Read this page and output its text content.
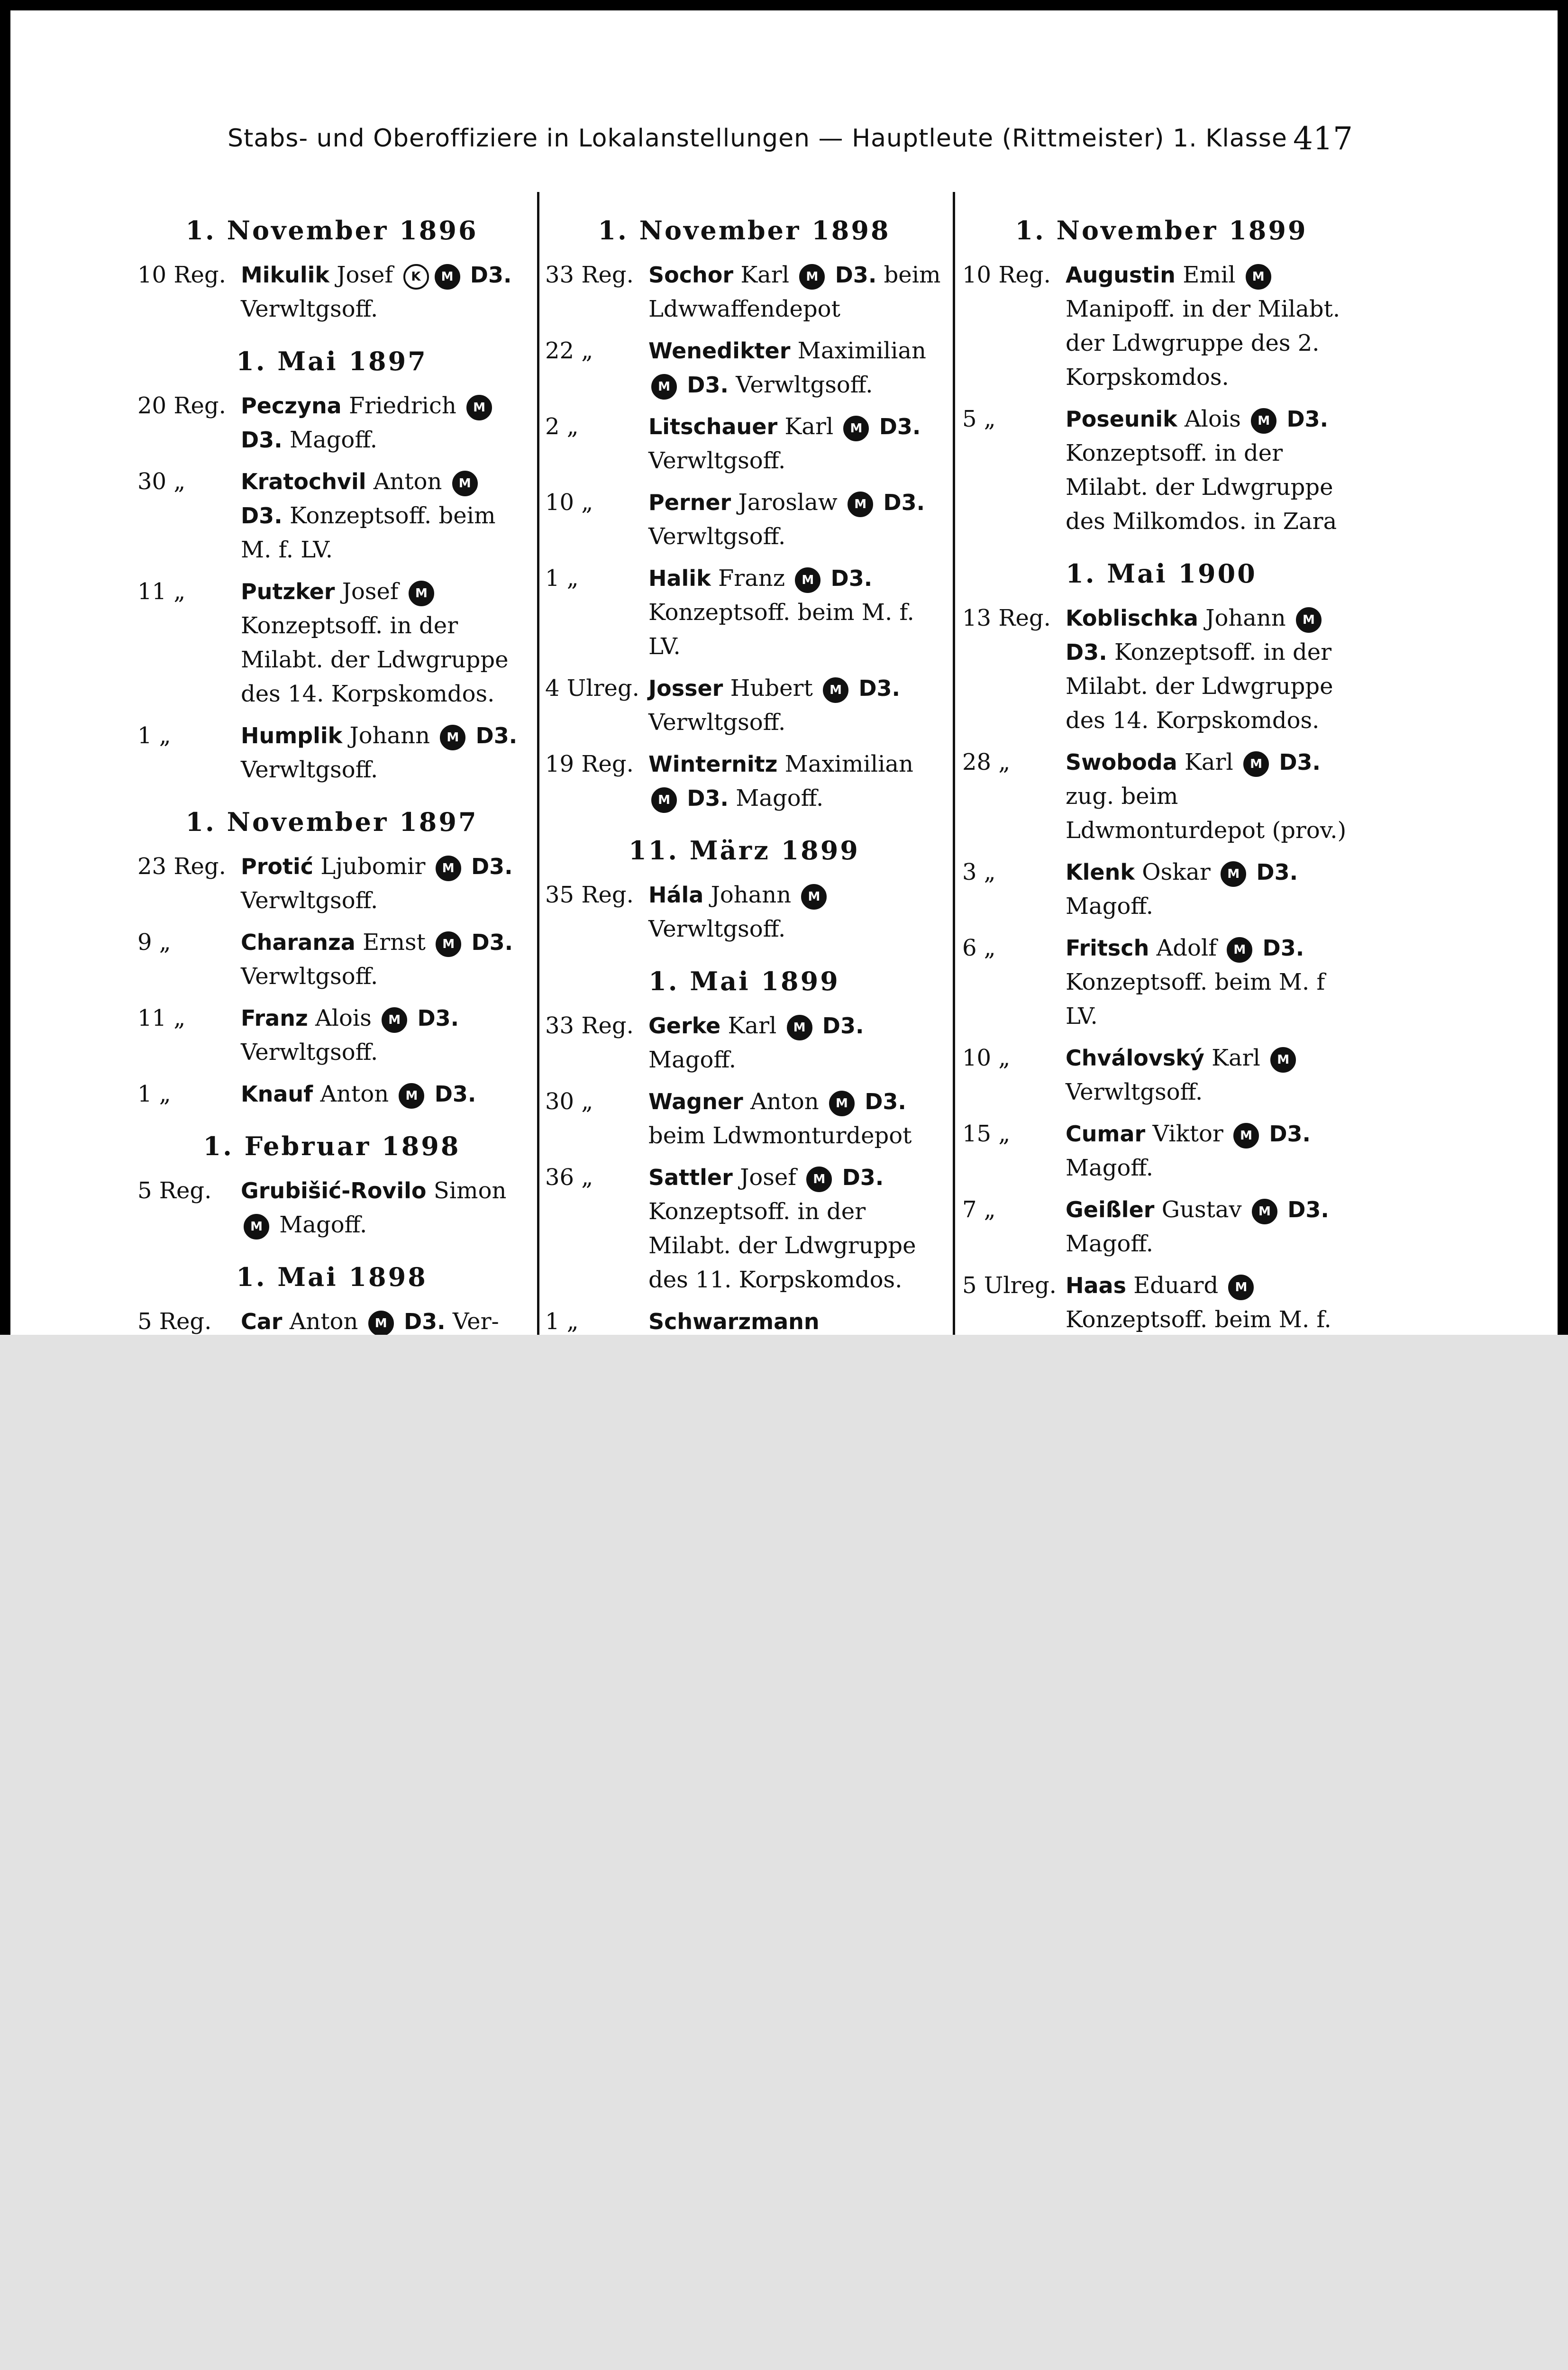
Stabs- und Oberoffiziere in Lokalanstellungen — Hauptleute (Rittmeister) 1. Klasse 417
1. November 1896
10 Reg. Mikulik Josef K M D3. Verwltgsoff.
1. Mai 1897
20 Reg. Peczyna Friedrich M D3. Magoff.
30 „	Kratochvil Anton M D3. Konzeptsoff. beim M. f. LV.
11 „	Putzker Josef M Konzeptsoff. in der Milabt. der Ldwgruppe des 14. Korpskomdos.
1 „	Humplik Johann M D3. Verwltgsoff.
1. November 1897
23 Reg. Protić Ljubomir M D3. Verwltgsoff.
9 „	Charanza Ernst M D3. Verwltgsoff.
11 „	Franz Alois M D3. Verwltgsoff.
1 „	Knauf Anton M D3.
1. Februar 1898
5 Reg.	Grubišić-Rovilo Simon M Magoff.
1. Mai 1898
5 Reg.	Car Anton M D3. Ver-
1. November 1898
33 Reg. Sochor Karl M D3. beim Ldwwaffendepot
22 „	Wenedikter Maximilian M D3. Verwltgsoff.
2 „	Litschauer Karl M D3. Verwltgsoff.
10 „	Perner Jaroslaw M D3. Verwltgsoff.
1 „	Halik Franz M D3. Konzeptsoff. beim M. f. LV.
4 Ulreg. Josser Hubert M D3. Verwltgsoff.
19 Reg. Winternitz Maximilian M D3. Magoff.
11. März 1899
35 Reg. Hála Johann M Verwltgsoff.
1. Mai 1899
33 Reg. Gerke Karl M D3. Magoff.
30 „	Wagner Anton M D3. beim Ldwmonturdepot
36 „	Sattler Josef M D3. Konzeptsoff. in der Milabt. der Ldwgruppe des 11. Korpskomdos.
1 „	Schwarzmann
1. November 1899
10 Reg. Augustin Emil M Manipoff. in der Milabt. der Ldwgruppe des 2. Korpskomdos.
5 „	Poseunik Alois M D3. Konzeptsoff. in der Milabt. der Ldwgruppe des Milkomdos. in Zara
1. Mai 1900
13 Reg. Koblischka Johann M D3. Konzeptsoff. in der Milabt. der Ldwgruppe des 14. Korpskomdos.
28 „	Swoboda Karl M D3. zug. beim Ldwmonturdepot (prov.)
3 „	Klenk Oskar M D3. Magoff.
6 „	Fritsch Adolf M D3. Konzeptsoff. beim M. f LV.
10 „	Chválovský Karl M Verwltgsoff.
15 „	Cumar Viktor M D3. Magoff.
7 „	Geißler Gustav M D3. Magoff.
5 Ulreg. Haas Eduard M Konzeptsoff. beim M. f.
